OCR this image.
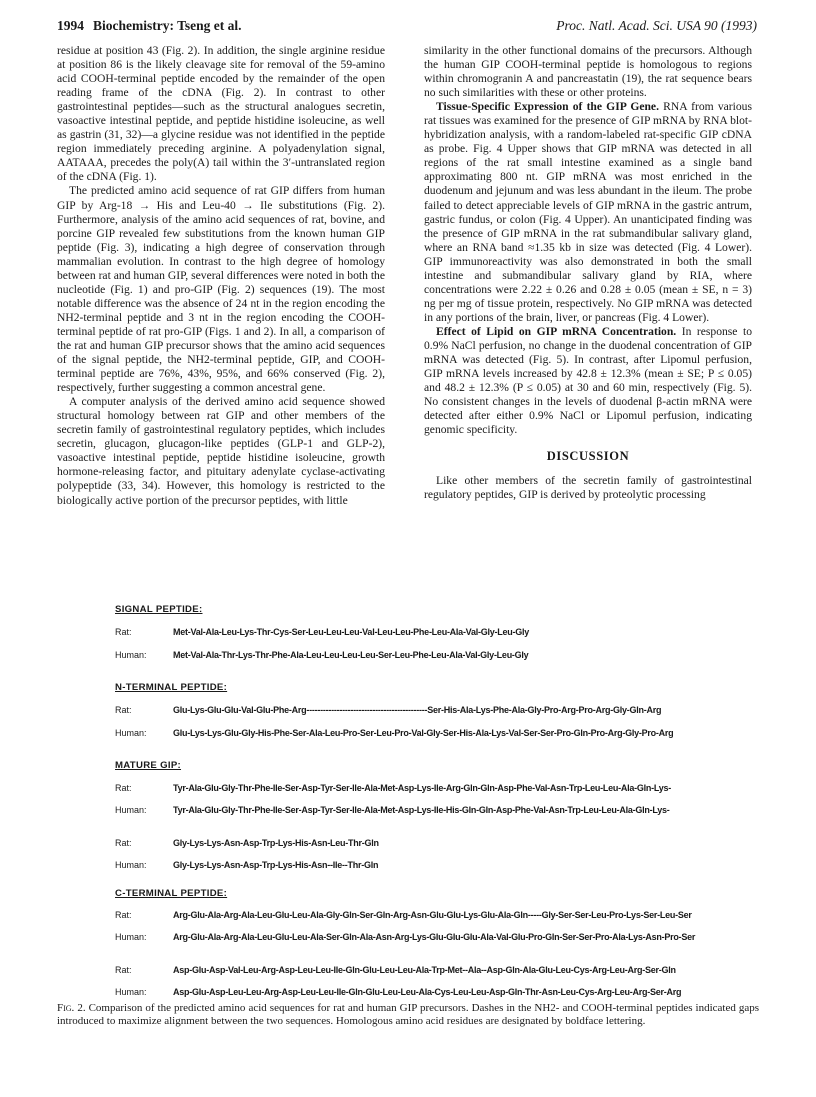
1994 Biochemistry: Tseng et al.	Proc. Natl. Acad. Sci. USA 90 (1993)

residue at position 43 (Fig. 2). In addition, the single arginine residue at position 86 is the likely cleavage site for removal of the 59-amino acid COOH-terminal peptide encoded by the remainder of the open reading frame of the cDNA (Fig. 2). In contrast to other gastrointestinal peptides—such as the structural analogues secretin, vasoactive intestinal peptide, and peptide histidine isoleucine, as well as gastrin (31, 32)—a glycine residue was not identified in the peptide region immediately preceding arginine. A polyadenylation signal, AATAAA, precedes the poly(A) tail within the 3′-untranslated region of the cDNA (Fig. 1).

The predicted amino acid sequence of rat GIP differs from human GIP by Arg-18 → His and Leu-40 → Ile substitutions (Fig. 2). Furthermore, analysis of the amino acid sequences of rat, bovine, and porcine GIP revealed few substitutions from the known human GIP peptide (Fig. 3), indicating a high degree of conservation through mammalian evolution. In contrast to the high degree of homology between rat and human GIP, several differences were noted in both the nucleotide (Fig. 1) and pro-GIP (Fig. 2) sequences (19). The most notable difference was the absence of 24 nt in the region encoding the NH2-terminal peptide and 3 nt in the region encoding the COOH-terminal peptide of rat pro-GIP (Figs. 1 and 2). In all, a comparison of the rat and human GIP precursor shows that the amino acid sequences of the signal peptide, the NH2-terminal peptide, GIP, and COOH-terminal peptide are 76%, 43%, 95%, and 66% conserved (Fig. 2), respectively, further suggesting a common ancestral gene.

A computer analysis of the derived amino acid sequence showed structural homology between rat GIP and other members of the secretin family of gastrointestinal regulatory peptides, which includes secretin, glucagon, glucagon-like peptides (GLP-1 and GLP-2), vasoactive intestinal peptide, peptide histidine isoleucine, growth hormone-releasing factor, and pituitary adenylate cyclase-activating polypeptide (33, 34). However, this homology is restricted to the biologically active portion of the precursor peptides, with little

similarity in the other functional domains of the precursors. Although the human GIP COOH-terminal peptide is homologous to regions within chromogranin A and pancreastatin (19), the rat sequence bears no such similarities with these or other proteins.

Tissue-Specific Expression of the GIP Gene. RNA from various rat tissues was examined for the presence of GIP mRNA by RNA blot-hybridization analysis, with a random-labeled rat-specific GIP cDNA as probe. Fig. 4 Upper shows that GIP mRNA was detected in all regions of the rat small intestine examined as a single band approximating 800 nt. GIP mRNA was most enriched in the duodenum and jejunum and was less abundant in the ileum. The probe failed to detect appreciable levels of GIP mRNA in the gastric antrum, gastric fundus, or colon (Fig. 4 Upper). An unanticipated finding was the presence of GIP mRNA in the rat submandibular salivary gland, where an RNA band ≈1.35 kb in size was detected (Fig. 4 Lower). GIP immunoreactivity was also demonstrated in both the small intestine and submandibular salivary gland by RIA, where concentrations were 2.22 ± 0.26 and 0.28 ± 0.05 (mean ± SE, n = 3) ng per mg of tissue protein, respectively. No GIP mRNA was detected in any portions of the brain, liver, or pancreas (Fig. 4 Lower).

Effect of Lipid on GIP mRNA Concentration. In response to 0.9% NaCl perfusion, no change in the duodenal concentration of GIP mRNA was detected (Fig. 5). In contrast, after Lipomul perfusion, GIP mRNA levels increased by 42.8 ± 12.3% (mean ± SE; P ≤ 0.05) and 48.2 ± 12.3% (P ≤ 0.05) at 30 and 60 min, respectively (Fig. 5). No consistent changes in the levels of duodenal β-actin mRNA were detected after either 0.9% NaCl or Lipomul perfusion, indicating genomic specificity.

DISCUSSION

Like other members of the secretin family of gastrointestinal regulatory peptides, GIP is derived by proteolytic processing

SIGNAL PEPTIDE:
Rat:	Met-Val-Ala-Leu-Lys-Thr-Cys-Ser-Leu-Leu-Leu-Val-Leu-Leu-Phe-Leu-Ala-Val-Gly-Leu-Gly
Human:	Met-Val-Ala-Thr-Lys-Thr-Phe-Ala-Leu-Leu-Leu-Leu-Ser-Leu-Phe-Leu-Ala-Val-Gly-Leu-Gly
N-TERMINAL PEPTIDE:
Rat:	Glu-Lys-Glu-Glu-Val-Glu-Phe-Arg--------------------------------------------Ser-His-Ala-Lys-Phe-Ala-Gly-Pro-Arg-Pro-Arg-Gly-Gln-Arg
Human:	Glu-Lys-Lys-Glu-Gly-His-Phe-Ser-Ala-Leu-Pro-Ser-Leu-Pro-Val-Gly-Ser-His-Ala-Lys-Val-Ser-Ser-Pro-Gln-Pro-Arg-Gly-Pro-Arg
MATURE GIP:
Rat:	Tyr-Ala-Glu-Gly-Thr-Phe-Ile-Ser-Asp-Tyr-Ser-Ile-Ala-Met-Asp-Lys-Ile-Arg-Gln-Gln-Asp-Phe-Val-Asn-Trp-Leu-Leu-Ala-Gln-Lys-
Human:	Tyr-Ala-Glu-Gly-Thr-Phe-Ile-Ser-Asp-Tyr-Ser-Ile-Ala-Met-Asp-Lys-Ile-His-Gln-Gln-Asp-Phe-Val-Asn-Trp-Leu-Leu-Ala-Gln-Lys-
Rat:	Gly-Lys-Lys-Asn-Asp-Trp-Lys-His-Asn-Leu-Thr-Gln
Human:	Gly-Lys-Lys-Asn-Asp-Trp-Lys-His-Asn--Ile--Thr-Gln
C-TERMINAL PEPTIDE:
Rat:	Arg-Glu-Ala-Arg-Ala-Leu-Glu-Leu-Ala-Gly-Gln-Ser-Gln-Arg-Asn-Glu-Glu-Lys-Glu-Ala-Gln-----Gly-Ser-Ser-Leu-Pro-Lys-Ser-Leu-Ser
Human:	Arg-Glu-Ala-Arg-Ala-Leu-Glu-Leu-Ala-Ser-Gln-Ala-Asn-Arg-Lys-Glu-Glu-Glu-Ala-Val-Glu-Pro-Gln-Ser-Ser-Pro-Ala-Lys-Asn-Pro-Ser
Rat:	Asp-Glu-Asp-Val-Leu-Arg-Asp-Leu-Leu-Ile-Gln-Glu-Leu-Leu-Ala-Trp-Met--Ala--Asp-Gln-Ala-Glu-Leu-Cys-Arg-Leu-Arg-Ser-Gln
Human:	Asp-Glu-Asp-Leu-Leu-Arg-Asp-Leu-Leu-Ile-Gln-Glu-Leu-Leu-Ala-Cys-Leu-Leu-Asp-Gln-Thr-Asn-Leu-Cys-Arg-Leu-Arg-Ser-Arg
Fig. 2. Comparison of the predicted amino acid sequences for rat and human GIP precursors. Dashes in the NH2- and COOH-terminal peptides indicated gaps introduced to maximize alignment between the two sequences. Homologous amino acid residues are designated by boldface lettering.
